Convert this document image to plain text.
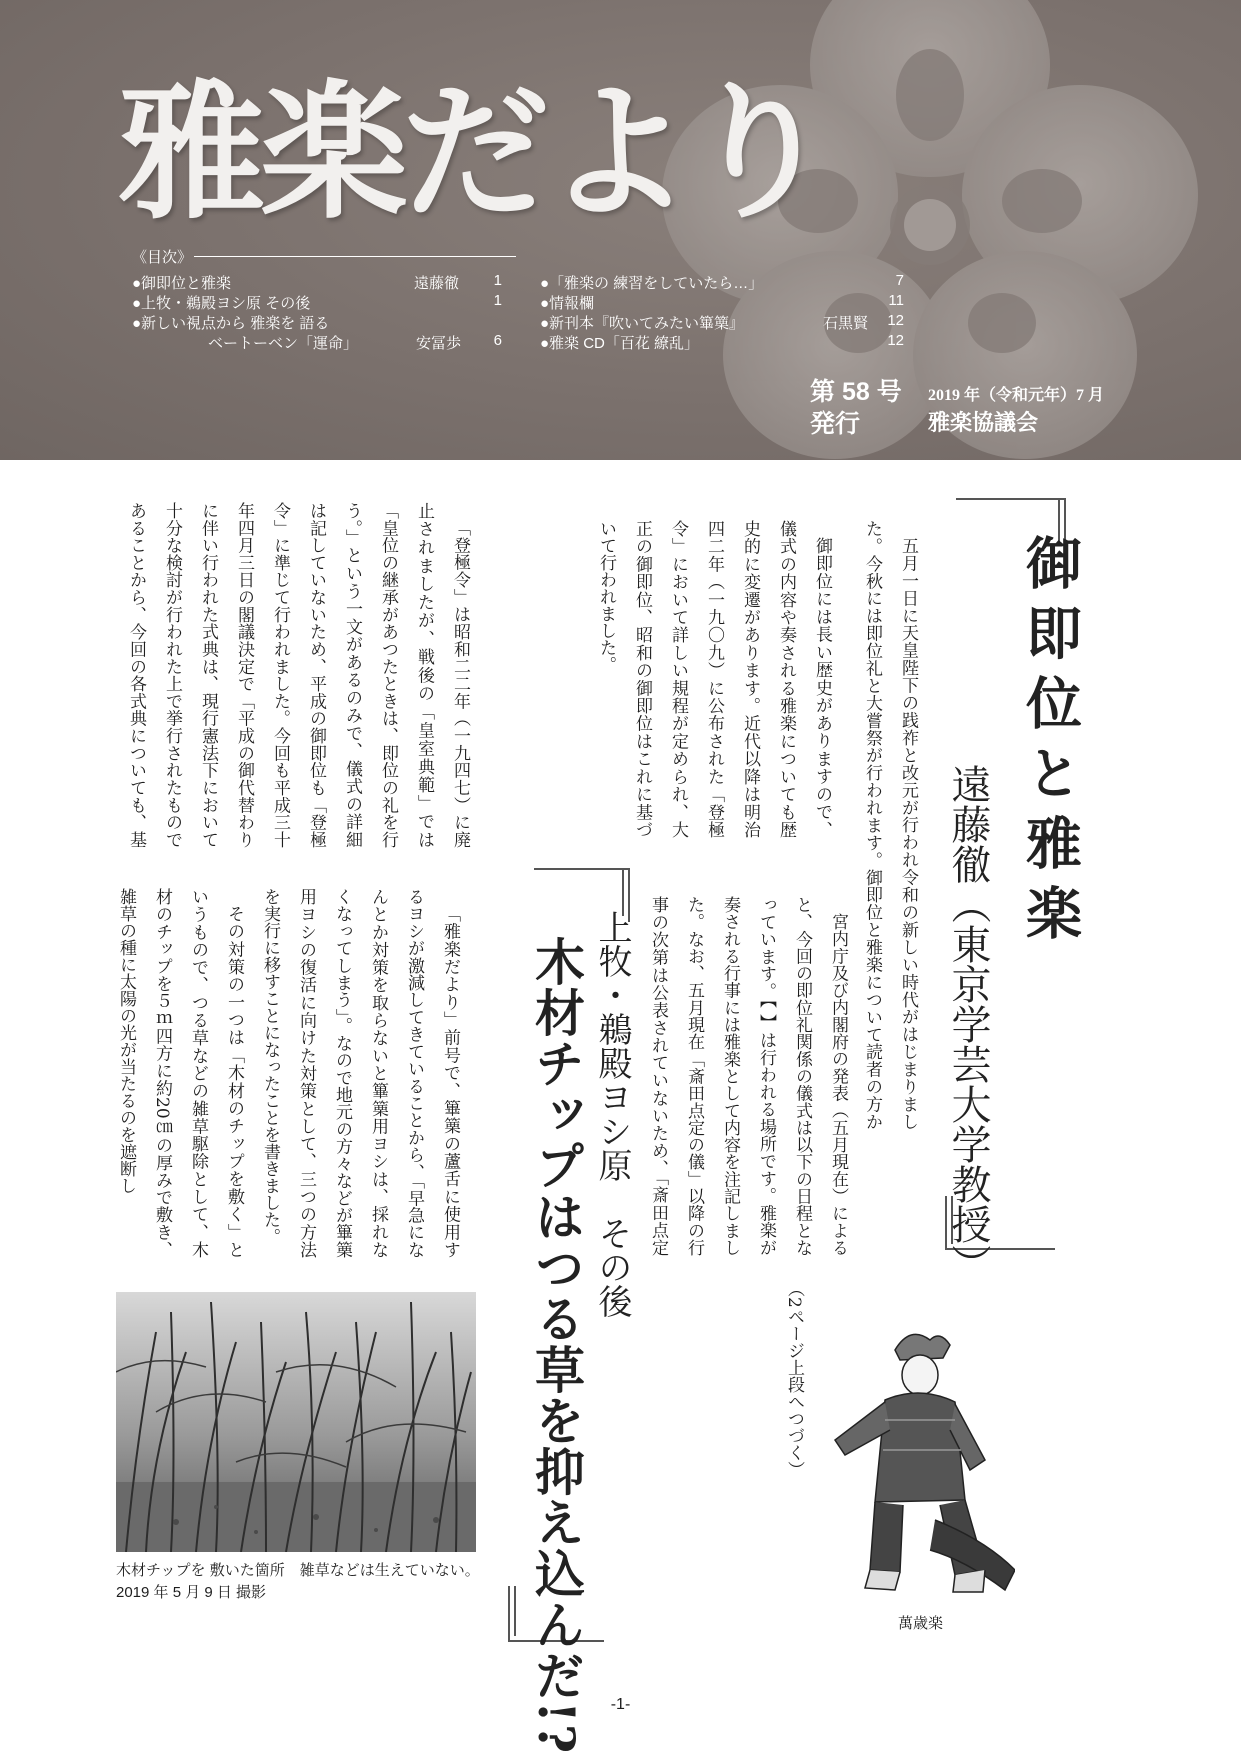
雅楽だより
《目次》
●御即位と雅楽	遠藤徹 1
●上牧・鵜殿ヨシ原 その後	1
●新しい視点から 雅楽を 語る
ベートーベン「運命」	安冨歩 6
●「雅楽の 練習をしていたら…」	7
●情報欄	11
●新刊本『吹いてみたい篳篥』	石黒賢 12
●雅楽 CD「百花 繚乱」	12
第 58 号
発行
2019 年（令和元年）7 月
雅楽協議会
御即位と雅楽
遠藤徹（東京学芸大学教授）

五月一日に天皇陛下の践祚と改元が行われ令和の新しい時代がはじまりました。今秋には即位礼と大嘗祭が行われます。御即位と雅楽について読者の方か

御即位には長い歴史がありますので、儀式の内容や奏される雅楽についても歴史的に変遷があります。近代以降は明治四二年（一九〇九）に公布された「登極令」において詳しい規程が定められ、大正の御即位、昭和の御即位はこれに基づいて行われました。

「登極令」は昭和二二年（一九四七）に廃止されましたが、戦後の「皇室典範」では「皇位の継承があつたときは、即位の礼を行う。」という一文があるのみで、儀式の詳細は記していないため、平成の御即位も「登極令」に準じて行われました。今回も平成三十年四月三日の閣議決定で「平成の御代替わりに伴い行われた式典は、現行憲法下において十分な検討が行われた上で挙行されたものであることから、今回の各式典についても、基

宮内庁及び内閣府の発表（五月現在）によると、今回の即位礼関係の儀式は以下の日程となっています。【 】は行われる場所です。雅楽が奏される行事には雅楽として内容を注記しました。なお、五月現在「斎田点定の儀」以降の行事の次第は公表されていないため、「斎田点定

（2ページ上段へつづく）

上牧・鵜殿ヨシ原　その後
木材チップはつる草を抑え込んだ!?

「雅楽だより」前号で、篳篥の蘆舌に使用するヨシが激減してきていることから、「早急になんとか対策を取らないと篳篥用ヨシは、採れなくなってしまう」。なので地元の方々などが篳篥用ヨシの復活に向けた対策として、三つの方法を実行に移すことになったことを書きました。

その対策の一つは「木材のチップを敷く」というもので、つる草などの雑草駆除として、木材のチップを５ｍ四方に約20㎝の厚みで敷き、雑草の種に太陽の光が当たるのを遮断し

木材チップを 敷いた箇所　雑草などは生えていない。 2019 年 5 月 9 日 撮影
萬歳楽
-1-
